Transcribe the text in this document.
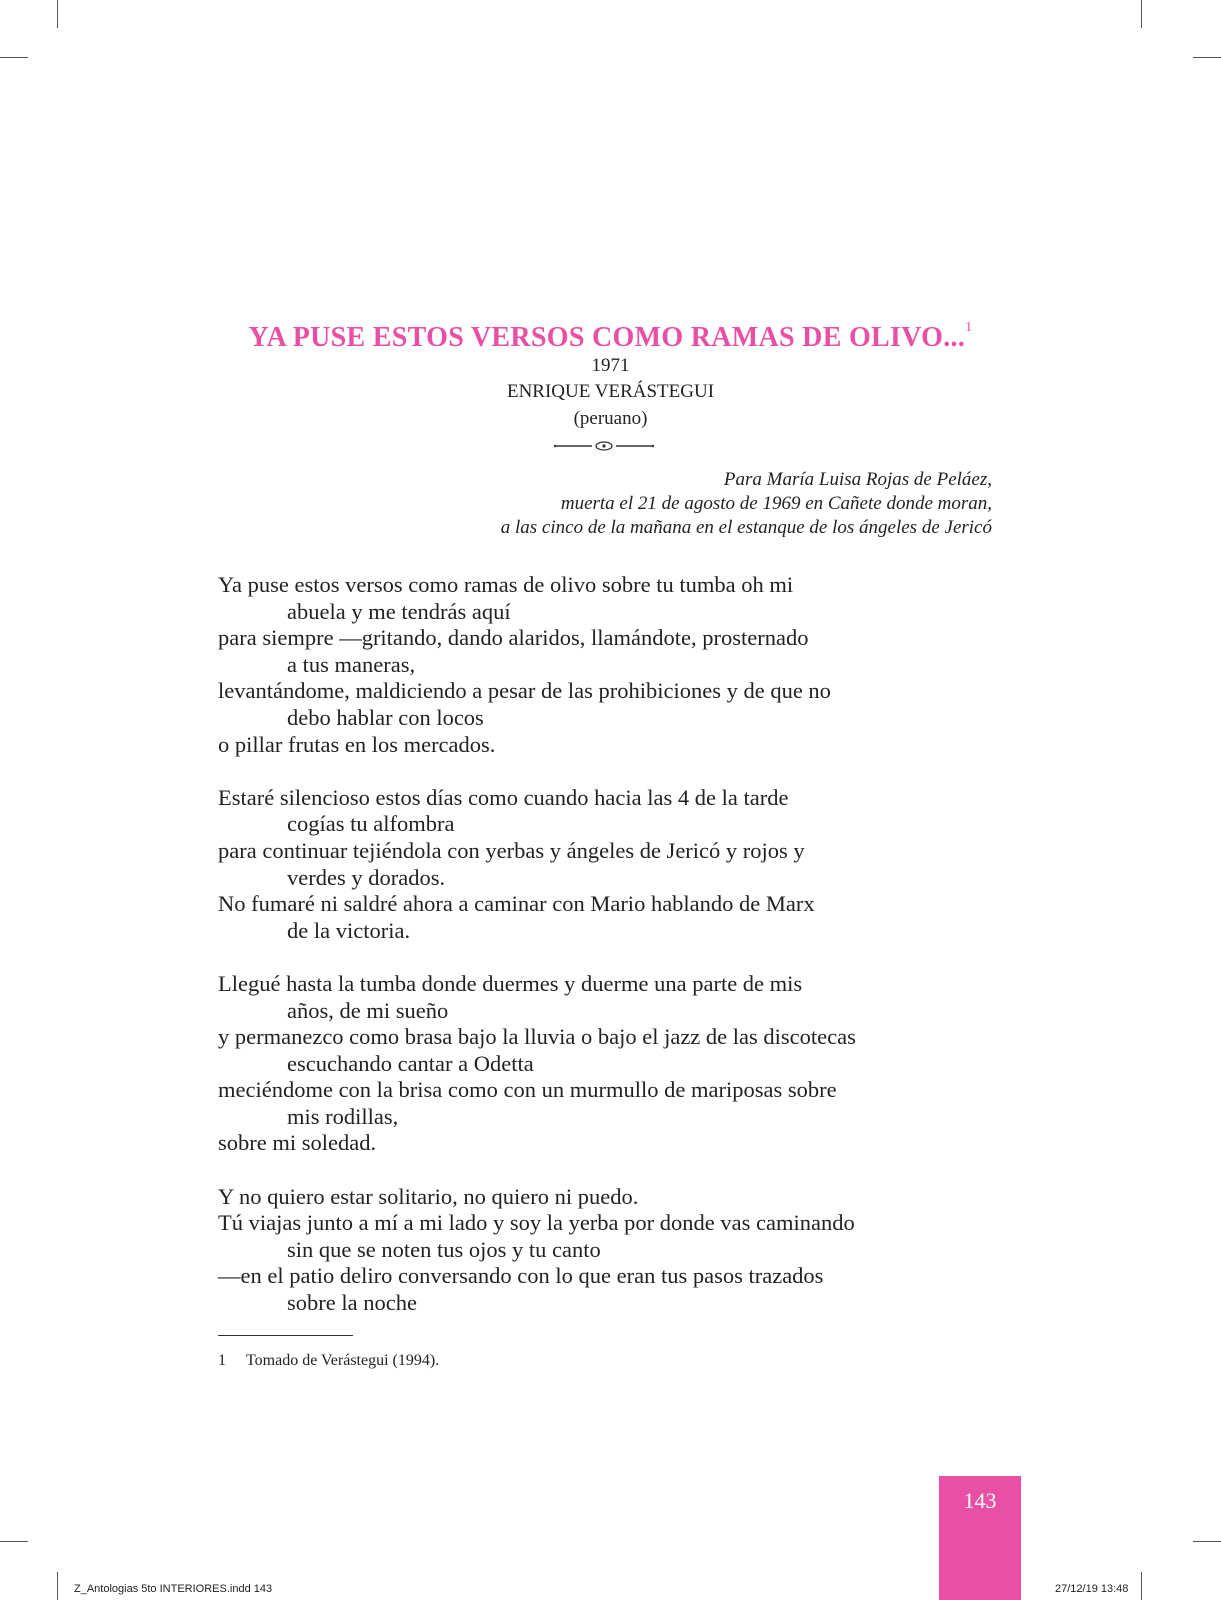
YA PUSE ESTOS VERSOS COMO RAMAS DE OLIVO...$^1$
1971
ENRIQUE VERÁSTEGUI
(peruano)
Para María Luisa Rojas de Peláez,
muerta el 21 de agosto de 1969 en Cañete donde moran,
a las cinco de la mañana en el estanque de los ángeles de Jericó
Ya puse estos versos como ramas de olivo sobre tu tumba oh mi
abuela y me tendrás aquí
para siempre —gritando, dando alaridos, llamándote, prosternado
a tus maneras,
levantándome, maldiciendo a pesar de las prohibiciones y de que no
debo hablar con locos
o pillar frutas en los mercados.
Estaré silencioso estos días como cuando hacia las 4 de la tarde
cogías tu alfombra
para continuar tejiéndola con yerbas y ángeles de Jericó y rojos y
verdes y dorados.
No fumaré ni saldré ahora a caminar con Mario hablando de Marx
de la victoria.
Llegué hasta la tumba donde duermes y duerme una parte de mis
años, de mi sueño
y permanezco como brasa bajo la lluvia o bajo el jazz de las discotecas
escuchando cantar a Odetta
meciéndome con la brisa como con un murmullo de mariposas sobre
mis rodillas,
sobre mi soledad.
Y no quiero estar solitario, no quiero ni puedo.
Tú viajas junto a mí a mi lado y soy la yerba por donde vas caminando
sin que se noten tus ojos y tu canto
—en el patio deliro conversando con lo que eran tus pasos trazados
sobre la noche
1 Tomado de Verástegui (1994).
143
Z_Antologias 5to INTERIORES.indd 143	27/12/19 13:48
